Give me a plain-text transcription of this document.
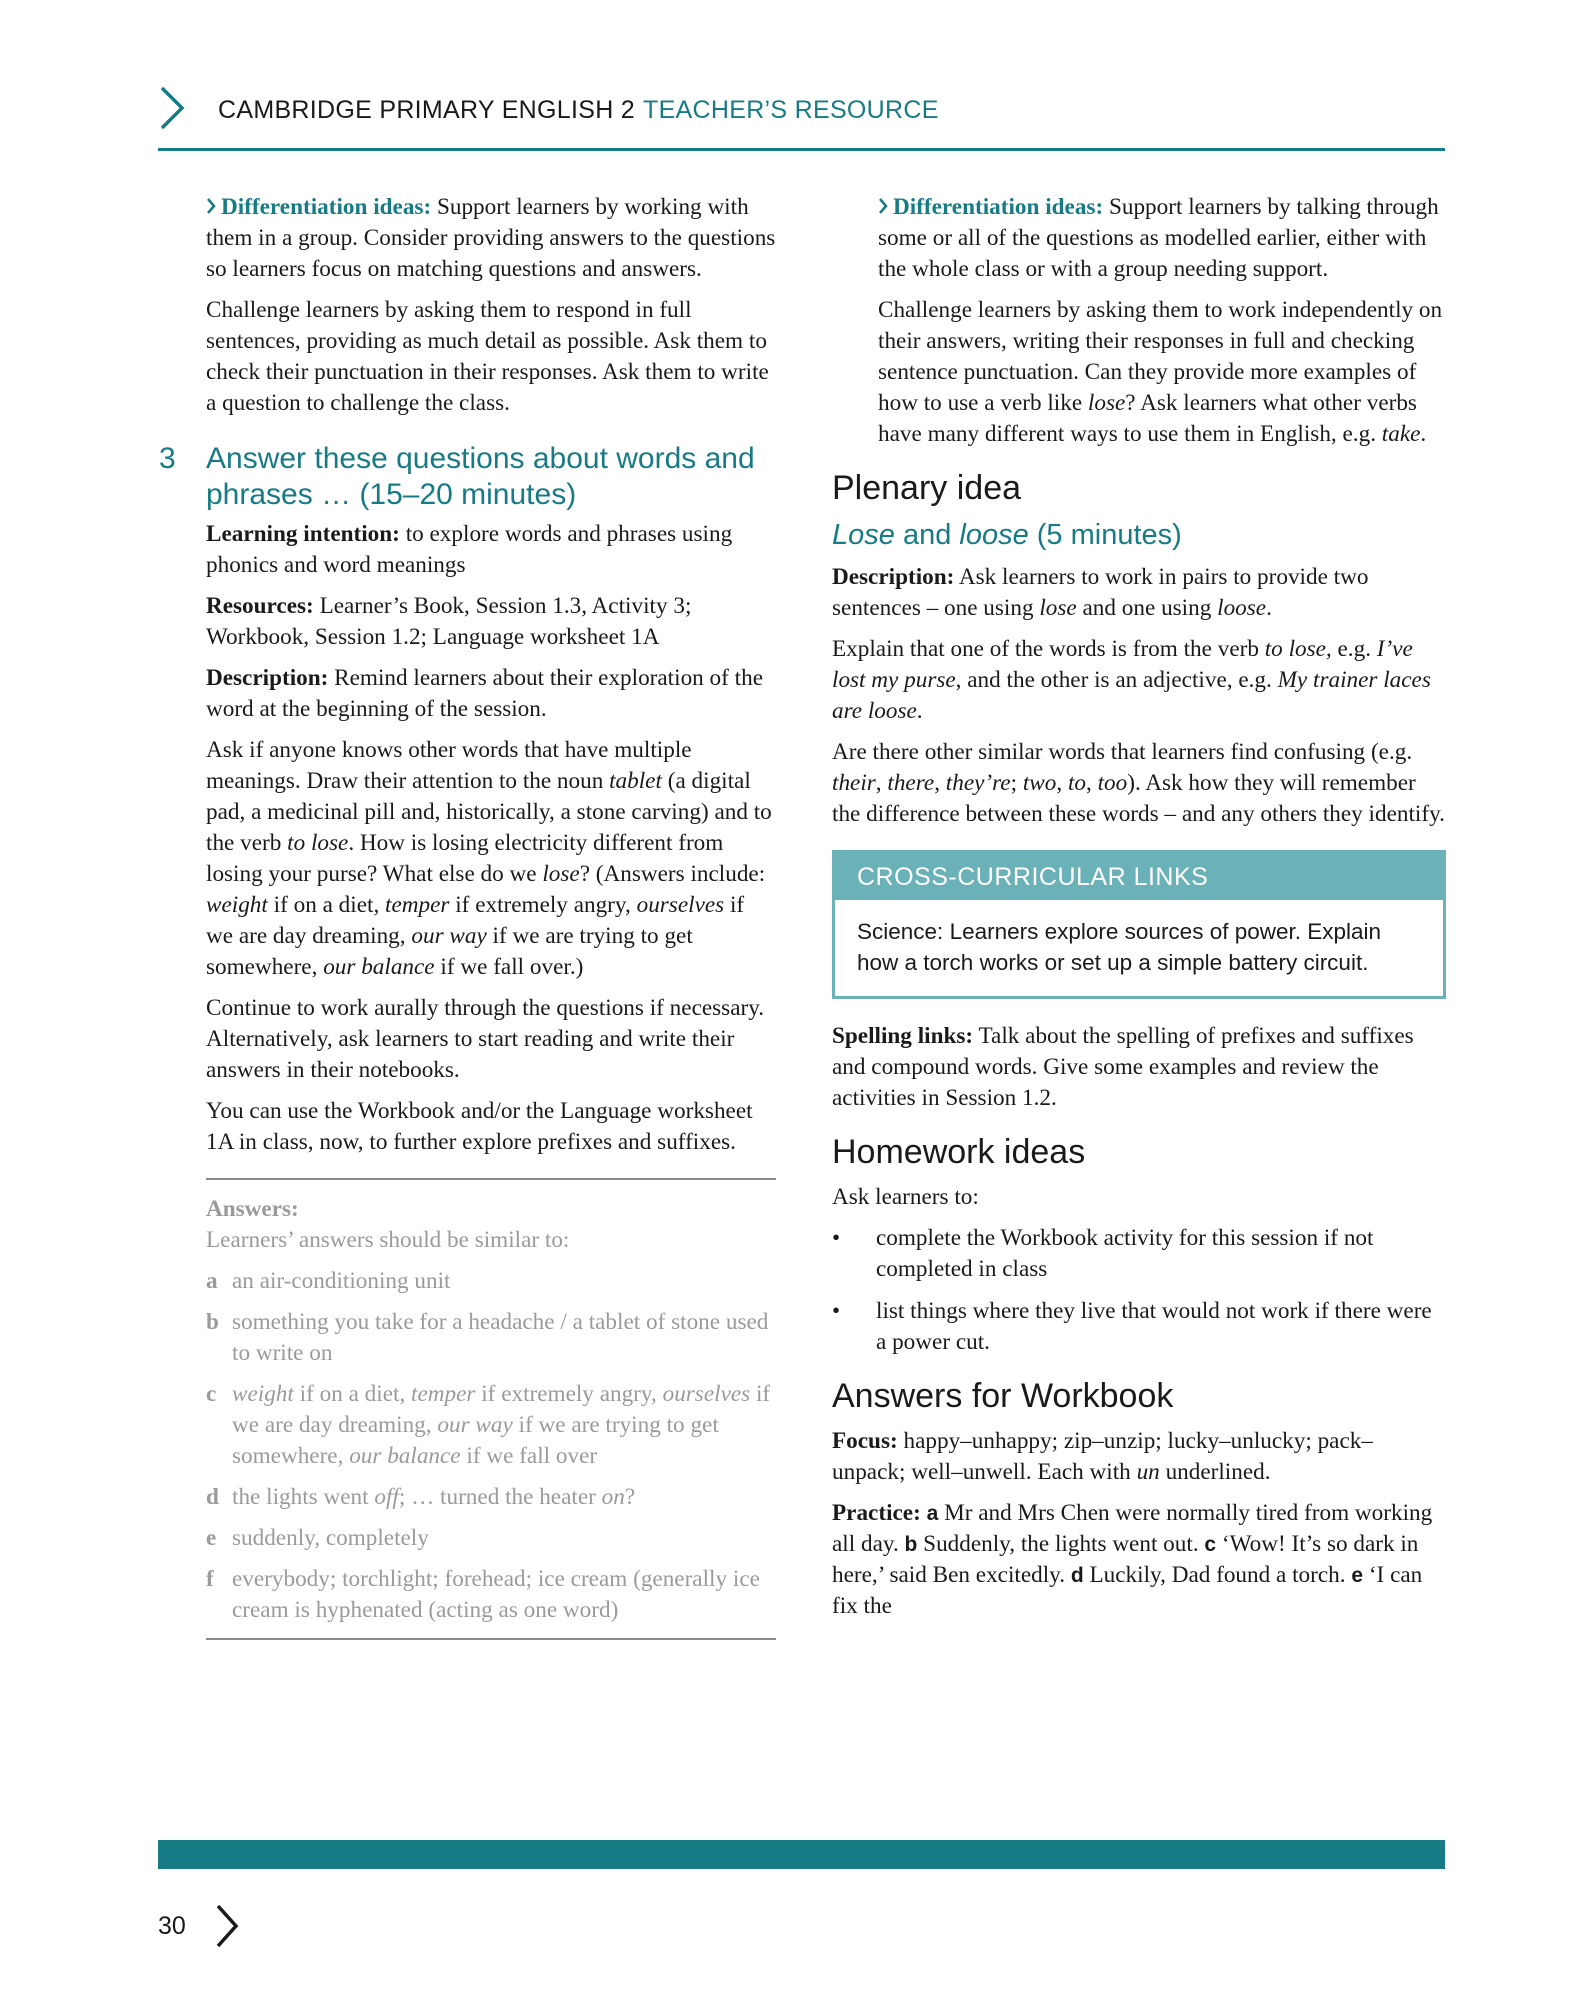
CAMBRIDGE PRIMARY ENGLISH 2 TEACHER’S RESOURCE

Differentiation ideas: Support learners by working with them in a group. Consider providing answers to the questions so learners focus on matching questions and answers.

Challenge learners by asking them to respond in full sentences, providing as much detail as possible. Ask them to check their punctuation in their responses. Ask them to write a question to challenge the class.

3 Answer these questions about words and phrases … (15–20 minutes)

Learning intention: to explore words and phrases using phonics and word meanings

Resources: Learner’s Book, Session 1.3, Activity 3; Workbook, Session 1.2; Language worksheet 1A

Description: Remind learners about their exploration of the word at the beginning of the session.

Ask if anyone knows other words that have multiple meanings. Draw their attention to the noun tablet (a digital pad, a medicinal pill and, historically, a stone carving) and to the verb to lose. How is losing electricity different from losing your purse? What else do we lose? (Answers include: weight if on a diet, temper if extremely angry, ourselves if we are day dreaming, our way if we are trying to get somewhere, our balance if we fall over.)

Continue to work aurally through the questions if necessary. Alternatively, ask learners to start reading and write their answers in their notebooks.

You can use the Workbook and/or the Language worksheet 1A in class, now, to further explore prefixes and suffixes.

Answers:

Learners’ answers should be similar to:

a an air-conditioning unit
b something you take for a headache / a tablet of stone used to write on
c weight if on a diet, temper if extremely angry, ourselves if we are day dreaming, our way if we are trying to get somewhere, our balance if we fall over
d the lights went off; … turned the heater on?
e suddenly, completely
f everybody; torchlight; forehead; ice cream (generally ice cream is hyphenated (acting as one word)

Differentiation ideas: Support learners by talking through some or all of the questions as modelled earlier, either with the whole class or with a group needing support.

Challenge learners by asking them to work independently on their answers, writing their responses in full and checking sentence punctuation. Can they provide more examples of how to use a verb like lose? Ask learners what other verbs have many different ways to use them in English, e.g. take.

Plenary idea
Lose and loose (5 minutes)

Description: Ask learners to work in pairs to provide two sentences – one using lose and one using loose.

Explain that one of the words is from the verb to lose, e.g. I’ve lost my purse, and the other is an adjective, e.g. My trainer laces are loose.

Are there other similar words that learners find confusing (e.g. their, there, they’re; two, to, too). Ask how they will remember the difference between these words – and any others they identify.

CROSS-CURRICULAR LINKS
Science: Learners explore sources of power. Explain how a torch works or set up a simple battery circuit.

Spelling links: Talk about the spelling of prefixes and suffixes and compound words. Give some examples and review the activities in Session 1.2.

Homework ideas

Ask learners to:

• complete the Workbook activity for this session if not completed in class
• list things where they live that would not work if there were a power cut.
Answers for Workbook

Focus: happy–unhappy; zip–unzip; lucky–unlucky; pack–unpack; well–unwell. Each with un underlined.

Practice: a Mr and Mrs Chen were normally tired from working all day. b Suddenly, the lights went out. c ‘Wow! It’s so dark in here,’ said Ben excitedly. d Luckily, Dad found a torch. e ‘I can fix the

30
